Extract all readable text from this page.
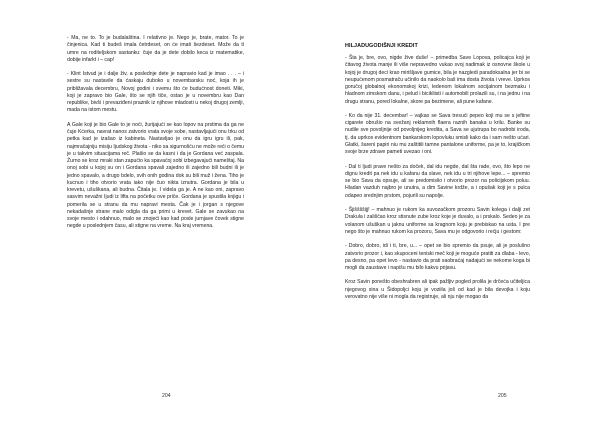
- Ma, ne to. To je budalaština. I relativno je. Nego je, brate, mator. To je činjenica. Kad ti budeš imala četrdeset, on će imati šezdeset. Može da ti umre na roditeljskom sastanku: čuje da je dete dobilo keca iz matematike, dobije infarkt i – cap!

- Klint Istvud je i dalje živ, a poslednje dete je napravio kad je imao . . . – i sestre su nastavile da ćaskaju duboko u novembarsku noć, koja ih je približavala decembru, Novoj godini i svemu što će budućnost doneti. Miki, koji je zapravo bio Gale, što se njih tiče, ostao je u novembru kao Dan republike, bivši i prevaziđeni praznik iz njihove mladosti u nekoj drugoj zemlji, mada na istom mestu.

A Gale koji je bio Gale to je noći, žurijajući se kao lopov na prstima da ga ne čuje Kćerka, navrat nanos zatvorio vrata svoje sobe, nastavljajući onu trku od petka kad je izašao iz kabineta. Nastavljao je onu da igru igru ili, pak, najmračajniju misiju Ijudskog života - niko sa sigurnošću ne može reći o čemu je u takvim situacijama reč. Plašio se da kasni i da je Gordana već zaspala. Žurno se kroz mraki stan zapućio ka spavaćoj sobi izbegavajući nameštaj. Na onoj sobi u kojoj su on i Gordana spavali zajedno ili zajedno bili budni ili je jedno spavalo, a drugo bdelo, svih onih godina dok su bili muž i žena. Tiho je kucnuo i tiho otvorio vrata iako nije čuo nikta iznutra. Gordana je bila u krevetu, ušuškana, ali budna. Čitala je. I videla ga je. A ne kao oni, zapravo sasvim nevažni Ijudi iz lifta na početku ove priče. Gordana je spustila knjigu i pomerila se u stranu da mu napravi mesta. Čak je i jorgan s njegove nekadašnje strane malo odigla da ga primi u krevet. Gale se zavukao na svoje mesto i odahnuo, malo se znojeći kao kad posle jurnjave čovek stigne negde u poslednjem času, ali stigne na vreme. Na kraj vremena.

204
HILJADUGODIŠNJI KREDIT

- Šta je, bre, ovo, nigde žive duše! – primedba Save Lopova, policajca koji je čitavog života manje ili više nepravedno vukao svoj nadimak iz osnovne škole u kojoj je drugoj deci krao mirišljave gumice, bila je nazgledi paradoksalna jer bi se neupućenom posmatraču učinilo da naokolo baš ima dosta života i vreve. Uprkos goručoj globalnoj ekonomskoj krizi, ledenom lokalnom socijalnom bezmaku i hladnom zimskom danu, i pelud i bicikliisti i automobili prolazili su, i na jednu i na drugu stranu, pored lokalne, skore pa bezimene, ali pune kafane.

- Ko da nije 31. decembar! – vajkao se Sava tresući pepeo koji mu se s jeftine cigarete obrušio na svežanj reklamnih flaera raznih banaka u krilu. Banke su nudile sve povoljnije od povoljnijeg kredita, a Sava se ujutrupa bo nadrobi iroda, tj. da uprkos evidentnom bankarskom lopovluku smisli kako da i sam nešto ućari. Glatki, šareni papiri niu mu zaštitili tamne pantalone uniforme, pa je to, krajičkom svoje brze zdrave pameti uvezao i oni.

- Dal ti ljudi prave nešto za doček, dal idu negde, dal šta rade, ovo, što lepo ne dignu kredit pa nek idu u kafanu da slave, nek idu u tri njihove lepe... – spremio se bio Sava da opsuje, ali se predomislio i otvorio prozor na policijskom poluu. Hladan vazduh najbro je unutra, a dim Savine krdže, a i opušak koji je s pulca odapeo srednjim prstom, pojurili su napolje.

- Šjiššššijj! – mahnuo je rukom ka suvozačkom prozoru Savin kolega i dalji zet Drakula i zališčao kroz stisnute zube kroz koje je duvalo, a i prskalo. Sedeo je za volanom ušuškan u jaknu uniforme sa kragnom koju je prebiskao na usta. I pre nego što je mahnuo rukom ka prozoru, Sava mu je odgovorio i rećju i gestom:

- Dobro, dobro, idi i ti, bre, u... – opet se bio spremio da psuje, ali je poslušno zatvorio prozor i, kao skupoceni teniski meč koji je moguće pratiti za dlaba - levo, pa desno, pa opet levo - nastavio da prati saobraćaj nadajući se nekome koga bi mogli da zaustave i napišu mu bilo kakvu prijavu.

Kroz Savin ponešto obeshrabren ali ipak pažljiv pogled prolila je drčeća učiteljica njegovog sina u Šidopoljci koju je voziila još od kad je bila devojka i koju verovatno nije više ni mogla da registruje, ali nju nije mogao da

205
